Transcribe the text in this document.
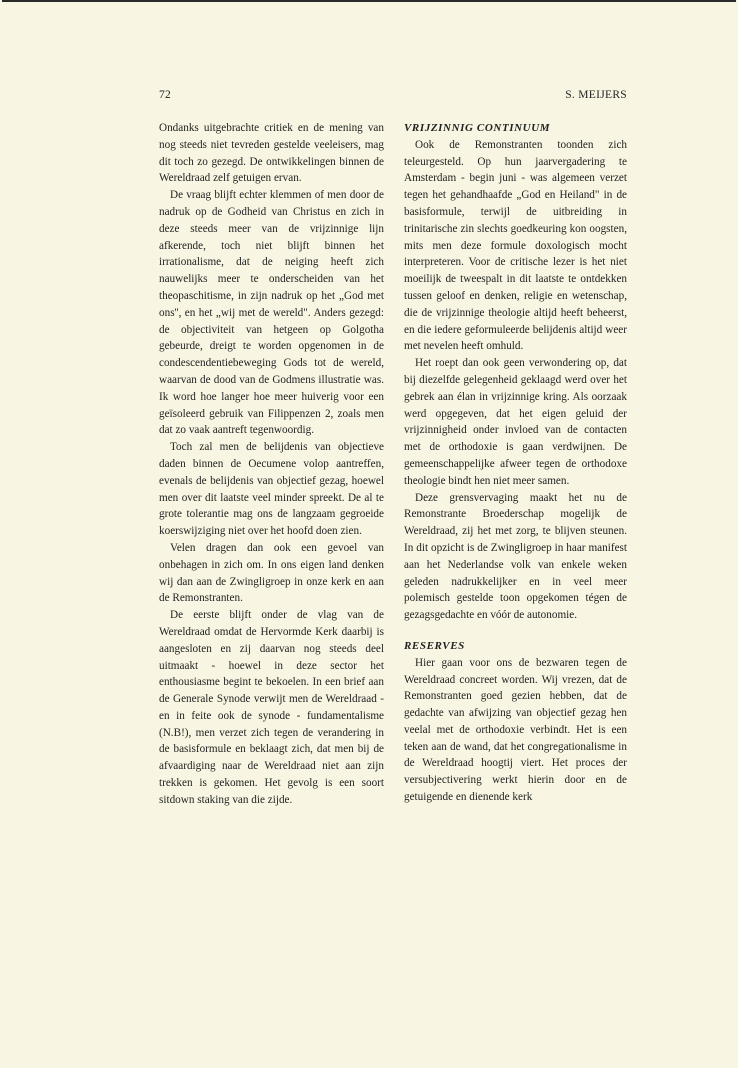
72	S. MEIJERS

Ondanks uitgebrachte critiek en de mening van nog steeds niet tevreden gestelde veeleisers, mag dit toch zo gezegd. De ontwikkelingen binnen de Wereldraad zelf getuigen ervan.

De vraag blijft echter klemmen of men door de nadruk op de Godheid van Christus en zich in deze steeds meer van de vrijzinnige lijn afkerende, toch niet blijft binnen het irrationalisme, dat de neiging heeft zich nauwelijks meer te onderscheiden van het theopaschitisme, in zijn nadruk op het „God met ons'', en het „wij met de wereld". Anders gezegd: de objectiviteit van hetgeen op Golgotha gebeurde, dreigt te worden opgenomen in de condescendentiebeweging Gods tot de wereld, waarvan de dood van de Godmens illustratie was. Ik word hoe langer hoe meer huiverig voor een geïsoleerd gebruik van Filippenzen 2, zoals men dat zo vaak aantreft tegenwoordig.

Toch zal men de belijdenis van objectieve daden binnen de Oecumene volop aantreffen, evenals de belijdenis van objectief gezag, hoewel men over dit laatste veel minder spreekt. De al te grote tolerantie mag ons de langzaam gegroeide koerswijziging niet over het hoofd doen zien.

Velen dragen dan ook een gevoel van onbehagen in zich om. In ons eigen land denken wij dan aan de Zwingligroep in onze kerk en aan de Remonstranten.

De eerste blijft onder de vlag van de Wereldraad omdat de Hervormde Kerk daarbij is aangesloten en zij daarvan nog steeds deel uitmaakt - hoewel in deze sector het enthousiasme begint te bekoelen. In een brief aan de Generale Synode verwijt men de Wereldraad - en in feite ook de synode - fundamentalisme (N.B!), men verzet zich tegen de verandering in de basisformule en beklaagt zich, dat men bij de afvaardiging naar de Wereldraad niet aan zijn trekken is gekomen. Het gevolg is een soort sitdown staking van die zijde.

VRIJZINNIG CONTINUUM

Ook de Remonstranten toonden zich teleurgesteld. Op hun jaarvergadering te Amsterdam - begin juni - was algemeen verzet tegen het gehandhaafde „God en Heiland" in de basisformule, terwijl de uitbreiding in trinitarische zin slechts goedkeuring kon oogsten, mits men deze formule doxologisch mocht interpreteren. Voor de critische lezer is het niet moeilijk de tweespalt in dit laatste te ontdekken tussen geloof en denken, religie en wetenschap, die de vrijzinnige theologie altijd heeft beheerst, en die iedere geformuleerde belijdenis altijd weer met nevelen heeft omhuld.

Het roept dan ook geen verwondering op, dat bij diezelfde gelegenheid geklaagd werd over het gebrek aan élan in vrijzinnige kring. Als oorzaak werd opgegeven, dat het eigen geluid der vrijzinnigheid onder invloed van de contacten met de orthodoxie is gaan verdwijnen. De gemeenschappelijke afweer tegen de orthodoxe theologie bindt hen niet meer samen.

Deze grensvervaging maakt het nu de Remonstrante Broederschap mogelijk de Wereldraad, zij het met zorg, te blijven steunen. In dit opzicht is de Zwingligroep in haar manifest aan het Nederlandse volk van enkele weken geleden nadrukkelijker en in veel meer polemisch gestelde toon opgekomen tégen de gezagsgedachte en vóór de autonomie.

RESERVES

Hier gaan voor ons de bezwaren tegen de Wereldraad concreet worden. Wij vrezen, dat de Remonstranten goed gezien hebben, dat de gedachte van afwijzing van objectief gezag hen veelal met de orthodoxie verbindt. Het is een teken aan de wand, dat het congregationalisme in de Wereldraad hoogtij viert. Het proces der versubjectivering werkt hierin door en de getuigende en dienende kerk
